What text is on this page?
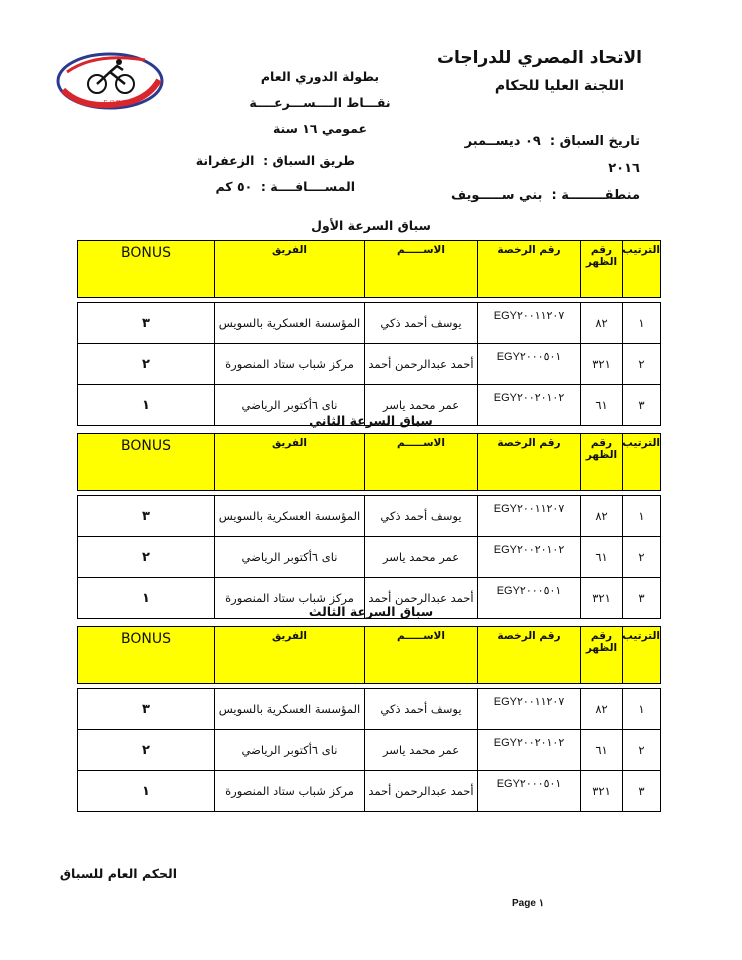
E.C.F
الاتحاد المصري للدراجات
اللجنة العليا للحكام
بطولة الدوري العام
نقـــاط الــــســـرعــــة
عمومي ١٦ سنة
طريق السباق :  الزعفرانة
المســــافــــة :  ٥٠ كم
تاريخ السباق :  ٠٩ ديســمبر ٢٠١٦
منطقــــــــة :  بني ســـــويف
سباق السرعة الأول
الترتيب	رقم الظهر	رقم الرخصة	الاســـــم	الفريق	BONUS

١	٨٢	EGY٢٠٠١١٢٠٧	يوسف أحمد ذكي	المؤسسة العسكرية بالسويس	٣
٢	٣٢١	EGY٢٠٠٠٥٠١	أحمد عبدالرحمن أحمد	مركز شباب ستاد المنصورة	٢
٣	٦١	EGY٢٠٠٢٠١٠٢	عمر محمد ياسر	ناى ٦أكتوبر الرياضي	١
سباق السرعة الثاني
الترتيب	رقم الظهر	رقم الرخصة	الاســـــم	الفريق	BONUS

١	٨٢	EGY٢٠٠١١٢٠٧	يوسف أحمد ذكي	المؤسسة العسكرية بالسويس	٣
٢	٦١	EGY٢٠٠٢٠١٠٢	عمر محمد ياسر	ناى ٦أكتوبر الرياضي	٢
٣	٣٢١	EGY٢٠٠٠٥٠١	أحمد عبدالرحمن أحمد	مركز شباب ستاد المنصورة	١
سباق السرعة الثالث
الترتيب	رقم الظهر	رقم الرخصة	الاســـــم	الفريق	BONUS

١	٨٢	EGY٢٠٠١١٢٠٧	يوسف أحمد ذكي	المؤسسة العسكرية بالسويس	٣
٢	٦١	EGY٢٠٠٢٠١٠٢	عمر محمد ياسر	ناى ٦أكتوبر الرياضي	٢
٣	٣٢١	EGY٢٠٠٠٥٠١	أحمد عبدالرحمن أحمد	مركز شباب ستاد المنصورة	١
الحكم العام للسباق
Page ١
